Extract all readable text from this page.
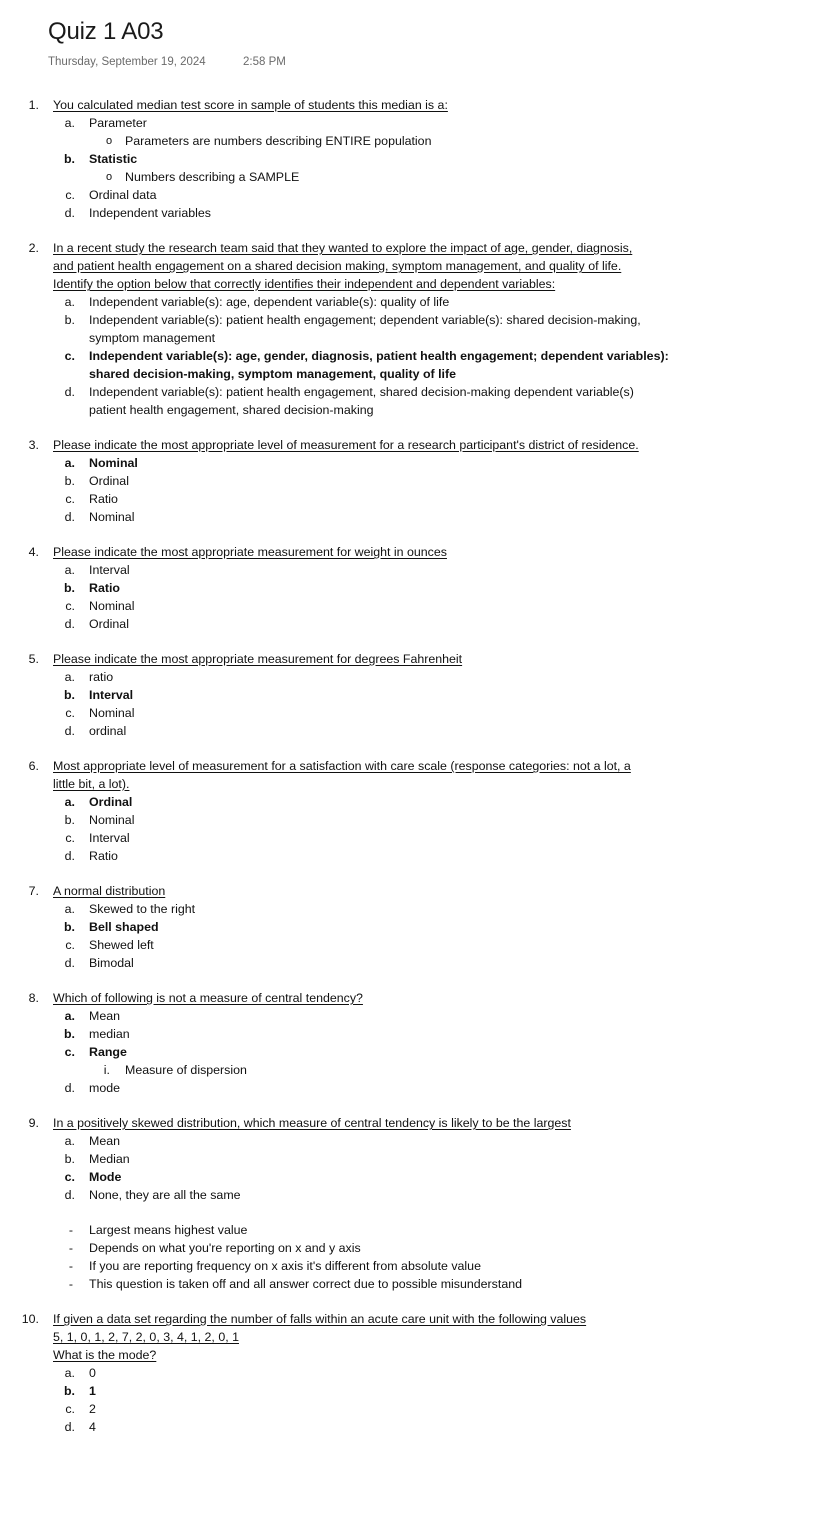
Quiz 1 A03
Thursday, September 19, 2024	2:58 PM
1. You calculated median test score in sample of students this median is a:
a. Parameter
o	Parameters are numbers describing ENTIRE population
b. Statistic
o	Numbers describing a SAMPLE
c. Ordinal data
d. Independent variables
2. In a recent study the research team said that they wanted to explore the impact of age, gender, diagnosis,
and patient health engagement on a shared decision making, symptom management, and quality of life.
Identify the option below that correctly identifies their independent and dependent variables:
a. Independent variable(s): age, dependent variable(s): quality of life
b. Independent variable(s): patient health engagement; dependent variable(s): shared decision-making,
symptom management
c. Independent variable(s): age, gender, diagnosis, patient health engagement; dependent variables):
shared decision-making, symptom management, quality of life
d. Independent variable(s): patient health engagement, shared decision-making dependent variable(s)
patient health engagement, shared decision-making
3. Please indicate the most appropriate level of measurement for a research participant's district of residence.
a. Nominal
b. Ordinal
c. Ratio
d. Nominal
4. Please indicate the most appropriate measurement for weight in ounces
a. Interval
b. Ratio
c. Nominal
d. Ordinal
5. Please indicate the most appropriate measurement for degrees Fahrenheit
a. ratio
b. Interval
c. Nominal
d. ordinal
6. Most appropriate level of measurement for a satisfaction with care scale (response categories: not a lot, a
little bit, a lot).
a. Ordinal
b. Nominal
c. Interval
d. Ratio
7. A normal distribution
a. Skewed to the right
b. Bell shaped
c. Shewed left
d. Bimodal
8. Which of following is not a measure of central tendency?
a. Mean
b. median
c. Range
i. Measure of dispersion
d. mode
9. In a positively skewed distribution, which measure of central tendency is likely to be the largest
a. Mean
b. Median
c. Mode
d. None, they are all the same
- Largest means highest value
- Depends on what you're reporting on x and y axis
- If you are reporting frequency on x axis it's different from absolute value
- This question is taken off and all answer correct due to possible misunderstand
10. If given a data set regarding the number of falls within an acute care unit with the following values
5, 1, 0, 1, 2, 7, 2, 0, 3, 4, 1, 2, 0, 1
What is the mode?
a. 0
b. 1
c. 2
d. 4
